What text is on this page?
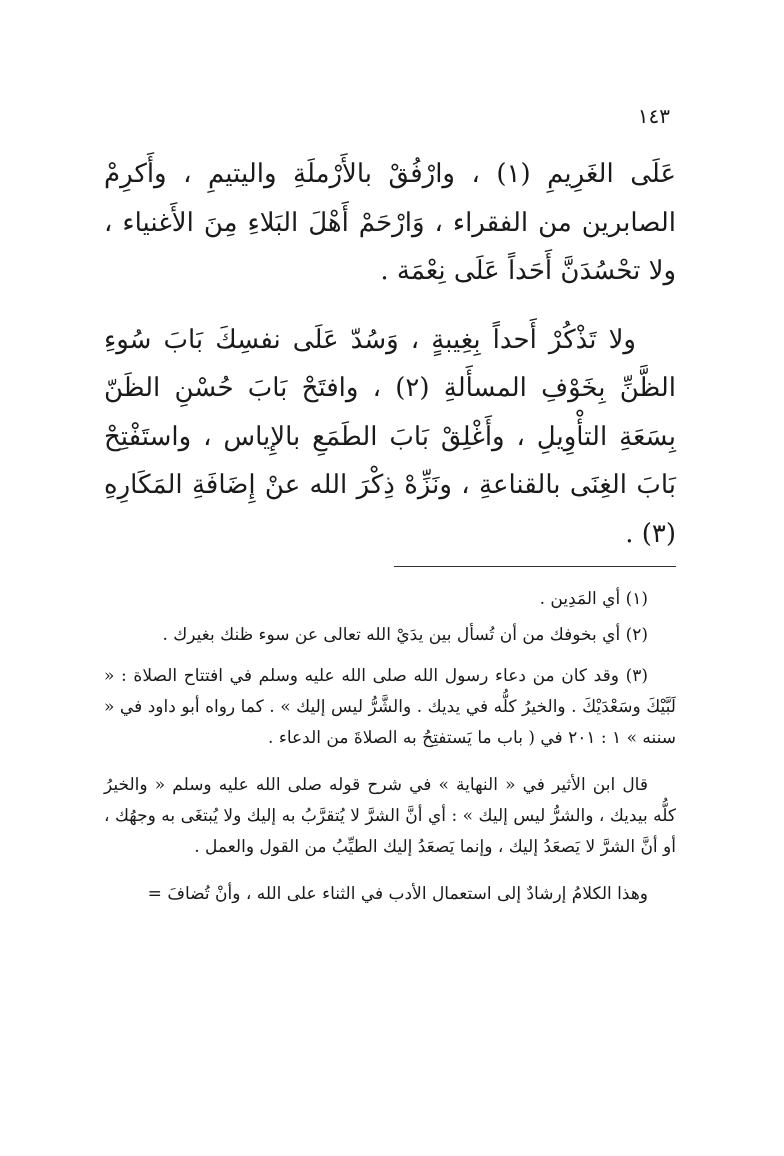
١٤٣

عَلَى الغَرِيمِ (١) ، وارْفُقْ بالأَرْملَةِ واليتيمِ ، وأَكرِمْ الصابرين من الفقراء ، وَارْحَمْ أَهْلَ البَلاءِ مِنَ الأَغنياء ، ولا تحْسُدَنَّ أَحَداً عَلَى نِعْمَة .

ولا تَذْكُرْ أَحداً بِغِيبةٍ ، وَسُدّ عَلَى نفسِكَ بَابَ سُوءِ الظَّنِّ بِخَوْفِ المسأَلةِ (٢) ، وافتَحْ بَابَ حُسْنِ الظَنّ بِسَعَةِ التأْوِيلِ ، وأَغْلِقْ بَابَ الطَمَعِ بالإِياس ، واستَفْتِحْ بَابَ الغِنَى بالقناعةِ ، ونَزِّهْ ذِكْرَ الله عنْ إِضَافَةِ المَكَارِهِ (٣) .

(١) أي المَدِين .

(٢) أي بخوفك من أن تُسأل بين يدَيْ الله تعالى عن سوء ظنك بغيرك .

(٣) وقد كان من دعاء رسول الله صلى الله عليه وسلم في افتتاح الصلاة : « لَبَّيْكَ وسَعْدَيْكَ . والخيرُ كلُّه في يديك . والشَّرُّ ليس إليك » . كما رواه أبو داود في « سننه » ١ : ٢٠١ في ( باب ما يَستفتِحُ به الصلاةَ من الدعاء .

قال ابن الأثير في « النهاية » في شرح قوله صلى الله عليه وسلم « والخيرُ كلُّه بيديك ، والشرُّ ليس إليك » : أي أنَّ الشرَّ لا يُتقرَّبُ به إليك ولا يُبتغَى به وجهُك ، أو أنَّ الشرَّ لا يَصعَدُ إليك ، وإنما يَصعَدُ إليك الطيِّبُ من القول والعمل .

وهذا الكلامُ إرشادٌ إلى استعمال الأدب في الثناء على الله ، وأنْ تُضافَ =
